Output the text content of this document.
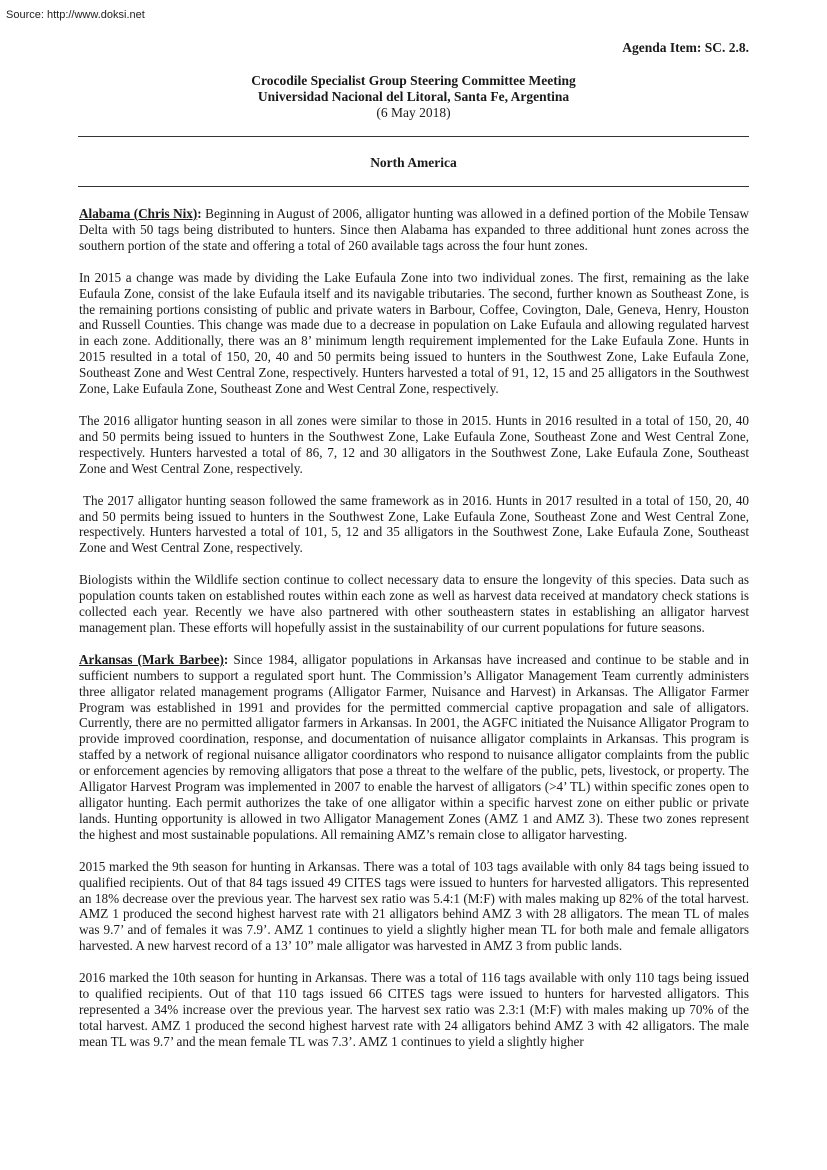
Source: http://www.doksi.net
Agenda Item: SC. 2.8.
Crocodile Specialist Group Steering Committee Meeting
Universidad Nacional del Litoral, Santa Fe, Argentina
(6 May 2018)
North America

Alabama (Chris Nix): Beginning in August of 2006, alligator hunting was allowed in a defined portion of the Mobile Tensaw Delta with 50 tags being distributed to hunters. Since then Alabama has expanded to three additional hunt zones across the southern portion of the state and offering a total of 260 available tags across the four hunt zones.

In 2015 a change was made by dividing the Lake Eufaula Zone into two individual zones. The first, remaining as the lake Eufaula Zone, consist of the lake Eufaula itself and its navigable tributaries. The second, further known as Southeast Zone, is the remaining portions consisting of public and private waters in Barbour, Coffee, Covington, Dale, Geneva, Henry, Houston and Russell Counties. This change was made due to a decrease in population on Lake Eufaula and allowing regulated harvest in each zone. Additionally, there was an 8’ minimum length requirement implemented for the Lake Eufaula Zone. Hunts in 2015 resulted in a total of 150, 20, 40 and 50 permits being issued to hunters in the Southwest Zone, Lake Eufaula Zone, Southeast Zone and West Central Zone, respectively. Hunters harvested a total of 91, 12, 15 and 25 alligators in the Southwest Zone, Lake Eufaula Zone, Southeast Zone and West Central Zone, respectively.

The 2016 alligator hunting season in all zones were similar to those in 2015. Hunts in 2016 resulted in a total of 150, 20, 40 and 50 permits being issued to hunters in the Southwest Zone, Lake Eufaula Zone, Southeast Zone and West Central Zone, respectively. Hunters harvested a total of 86, 7, 12 and 30 alligators in the Southwest Zone, Lake Eufaula Zone, Southeast Zone and West Central Zone, respectively.

The 2017 alligator hunting season followed the same framework as in 2016. Hunts in 2017 resulted in a total of 150, 20, 40 and 50 permits being issued to hunters in the Southwest Zone, Lake Eufaula Zone, Southeast Zone and West Central Zone, respectively. Hunters harvested a total of 101, 5, 12 and 35 alligators in the Southwest Zone, Lake Eufaula Zone, Southeast Zone and West Central Zone, respectively.

Biologists within the Wildlife section continue to collect necessary data to ensure the longevity of this species. Data such as population counts taken on established routes within each zone as well as harvest data received at mandatory check stations is collected each year. Recently we have also partnered with other southeastern states in establishing an alligator harvest management plan. These efforts will hopefully assist in the sustainability of our current populations for future seasons.

Arkansas (Mark Barbee): Since 1984, alligator populations in Arkansas have increased and continue to be stable and in sufficient numbers to support a regulated sport hunt. The Commission’s Alligator Management Team currently administers three alligator related management programs (Alligator Farmer, Nuisance and Harvest) in Arkansas. The Alligator Farmer Program was established in 1991 and provides for the permitted commercial captive propagation and sale of alligators. Currently, there are no permitted alligator farmers in Arkansas. In 2001, the AGFC initiated the Nuisance Alligator Program to provide improved coordination, response, and documentation of nuisance alligator complaints in Arkansas. This program is staffed by a network of regional nuisance alligator coordinators who respond to nuisance alligator complaints from the public or enforcement agencies by removing alligators that pose a threat to the welfare of the public, pets, livestock, or property. The Alligator Harvest Program was implemented in 2007 to enable the harvest of alligators (>4’ TL) within specific zones open to alligator hunting. Each permit authorizes the take of one alligator within a specific harvest zone on either public or private lands. Hunting opportunity is allowed in two Alligator Management Zones (AMZ 1 and AMZ 3). These two zones represent the highest and most sustainable populations. All remaining AMZ’s remain close to alligator harvesting.

2015 marked the 9th season for hunting in Arkansas. There was a total of 103 tags available with only 84 tags being issued to qualified recipients. Out of that 84 tags issued 49 CITES tags were issued to hunters for harvested alligators. This represented an 18% decrease over the previous year. The harvest sex ratio was 5.4:1 (M:F) with males making up 82% of the total harvest. AMZ 1 produced the second highest harvest rate with 21 alligators behind AMZ 3 with 28 alligators. The mean TL of males was 9.7’ and of females it was 7.9’. AMZ 1 continues to yield a slightly higher mean TL for both male and female alligators harvested. A new harvest record of a 13’ 10” male alligator was harvested in AMZ 3 from public lands.

2016 marked the 10th season for hunting in Arkansas. There was a total of 116 tags available with only 110 tags being issued to qualified recipients. Out of that 110 tags issued 66 CITES tags were issued to hunters for harvested alligators. This represented a 34% increase over the previous year. The harvest sex ratio was 2.3:1 (M:F) with males making up 70% of the total harvest. AMZ 1 produced the second highest harvest rate with 24 alligators behind AMZ 3 with 42 alligators. The male mean TL was 9.7’ and the mean female TL was 7.3’. AMZ 1 continues to yield a slightly higher
